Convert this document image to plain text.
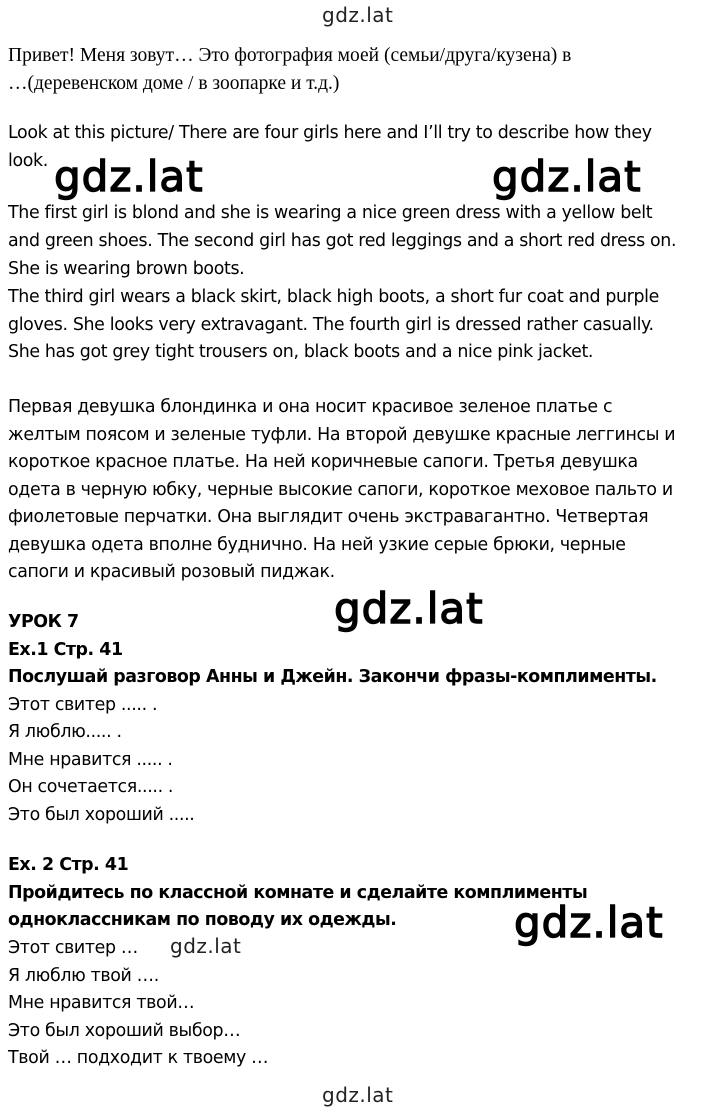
gdz.lat
Привет! Меня зовут… Это фотография моей (семьи/друга/кузена) в
…(деревенском доме / в зоопарке и т.д.)
Look at this picture/ There are four girls here and I’ll try to describe how they
look.
The first girl is blond and she is wearing a nice green dress with a yellow belt
and green shoes. The second girl has got red leggings and a short red dress on.
She is wearing brown boots.
The third girl wears a black skirt, black high boots, a short fur coat and purple
gloves. She looks very extravagant. The fourth girl is dressed rather casually.
She has got grey tight trousers on, black boots and a nice pink jacket.
gdz.lat	gdz.lat
Первая девушка блондинка и она носит красивое зеленое платье с
желтым поясом и зеленые туфли. На второй девушке красные леггинсы и
короткое красное платье. На ней коричневые сапоги. Третья девушка
одета в черную юбку, черные высокие сапоги, короткое меховое пальто и
фиолетовые перчатки. Она выглядит очень экстравагантно. Четвертая
девушка одета вполне буднично. На ней узкие серые брюки, черные
сапоги и красивый розовый пиджак.
gdz.lat
УРОК 7
Ex.1 Стр. 41
Послушай разговор Анны и Джейн. Закончи фразы-комплименты.
Этот свитер ..... .
Я люблю..... .
Мне нравится ..... .
Он сочетается..... .
Это был хороший .....
Ex. 2 Стр. 41
Пройдитесь по классной комнате и сделайте комплименты
одноклассникам по поводу их одежды.
Этот свитер …
Я люблю твой ….
Мне нравится твой…
Это был хороший выбор…
Твой … подходит к твоему …
gdz.lat	gdz.lat
gdz.lat
